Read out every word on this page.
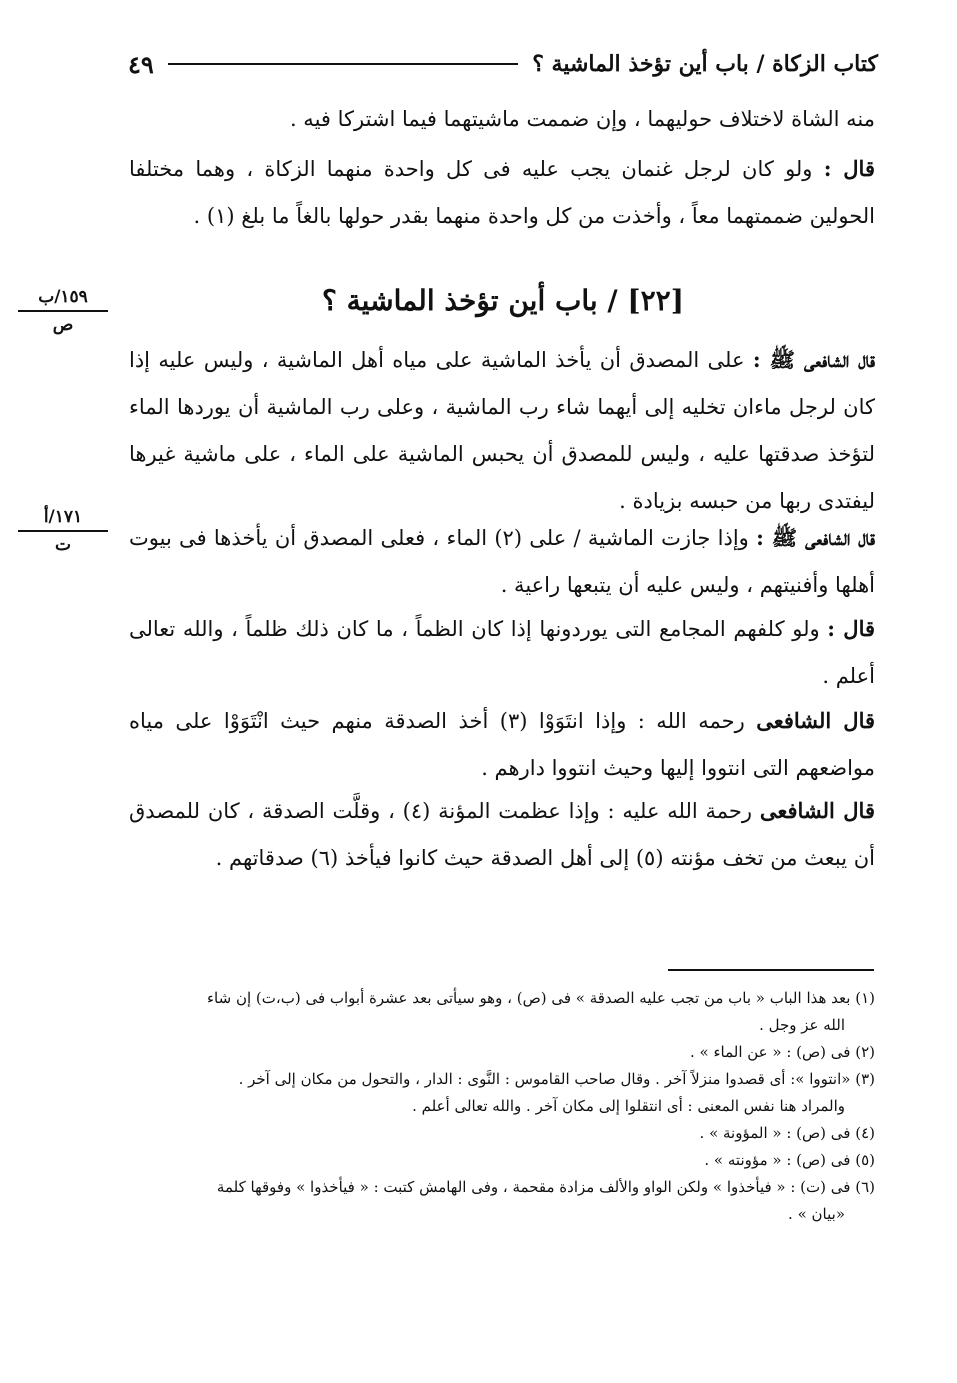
كتاب الزكاة / باب أين تؤخذ الماشية ؟
٤٩

منه الشاة لاختلاف حوليهما ، وإن ضممت ماشيتهما فيما اشتركا فيه .

قال : ولو كان لرجل غنمان يجب عليه فى كل واحدة منهما الزكاة ، وهما مختلفا الحولين ضممتهما معاً ، وأخذت من كل واحدة منهما بقدر حولها بالغاً ما بلغ (١) .

١٥٩/ب
ص
[٢٢] / باب أين تؤخذ الماشية ؟

قال الشافعى ﷺ : على المصدق أن يأخذ الماشية على مياه أهل الماشية ، وليس عليه إذا كان لرجل ماءان تخليه إلى أيهما شاء رب الماشية ، وعلى رب الماشية أن يوردها الماء لتؤخذ صدقتها عليه ، وليس للمصدق أن يحبس الماشية على الماء ، على ماشية غيرها ليفتدى ربها من حبسه بزيادة .

١٧١/أ
ت	قال الشافعى ﷺ : وإذا جازت الماشية / على (٢) الماء ، فعلى المصدق أن يأخذها فى بيوت أهلها وأفنيتهم ، وليس عليه أن يتبعها راعية .

قال : ولو كلفهم المجامع التى يوردونها إذا كان الظماً ، ما كان ذلك ظلماً ، والله تعالى أعلم .

قال الشافعى رحمه الله : وإذا انتَوَوْا (٣) أخذ الصدقة منهم حيث انْتَوَوْا على مياه مواضعهم التى انتووا إليها وحيث انتووا دارهم .

قال الشافعى رحمة الله عليه : وإذا عظمت المؤنة (٤) ، وقلَّت الصدقة ، كان للمصدق أن يبعث من تخف مؤنته (٥) إلى أهل الصدقة حيث كانوا فيأخذ (٦) صدقاتهم .

(١) بعد هذا الباب « باب من تجب عليه الصدقة » فى (ص) ، وهو سيأتى بعد عشرة أبواب فى (ب،ت) إن شاء

الله عز وجل .

(٢) فى (ص) : « عن الماء » .

(٣) «انتووا »: أى قصدوا منزلاً آخر . وقال صاحب القاموس : النَّوى : الدار ، والتحول من مكان إلى آخر .

والمراد هنا نفس المعنى : أى انتقلوا إلى مكان آخر . والله تعالى أعلم .

(٤) فى (ص) : « المؤونة » .

(٥) فى (ص) : « مؤونته » .

(٦) فى (ت) : « فيأخذوا » ولكن الواو والألف مزادة مقحمة ، وفى الهامش كتبت : « فيأخذوا » وفوقها كلمة

«بيان » .
